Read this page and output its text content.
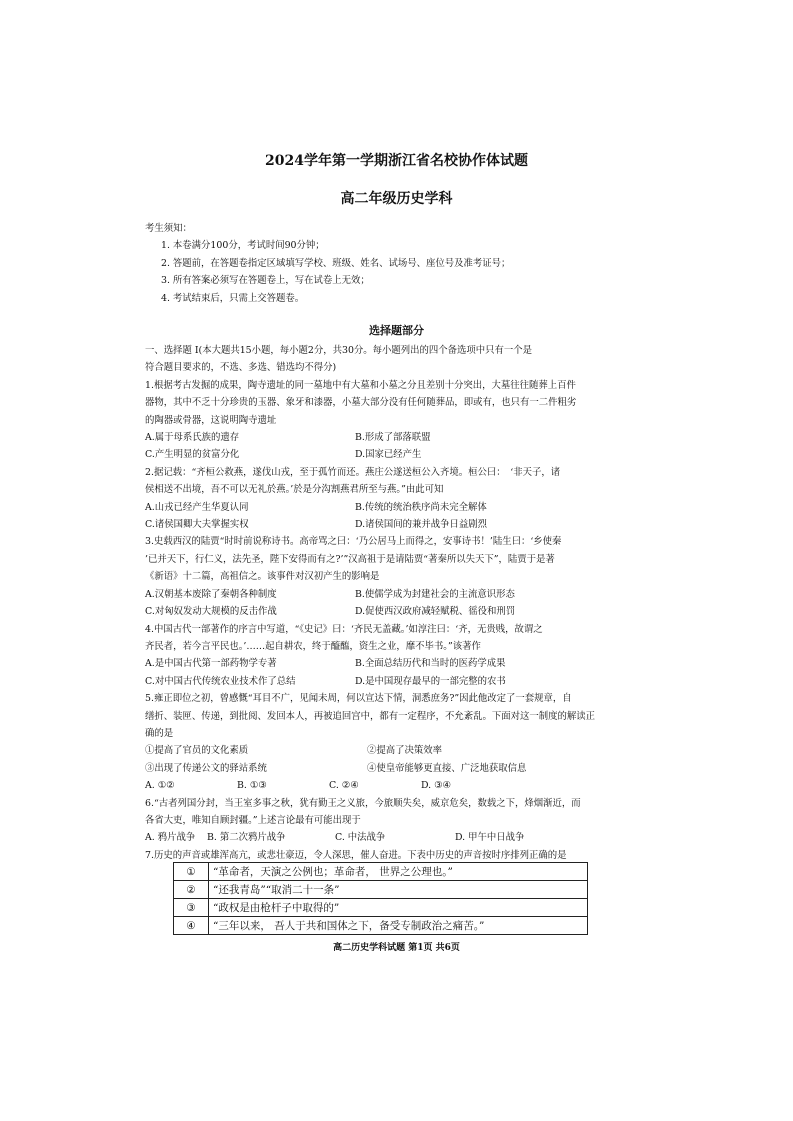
2024学年第一学期浙江省名校协作体试题
高二年级历史学科
考生须知：
1. 本卷满分100分，考试时间90分钟；
2. 答题前，在答题卷指定区域填写学校、班级、姓名、试场号、座位号及准考证号；
3. 所有答案必须写在答题卷上，写在试卷上无效；
4. 考试结束后，只需上交答题卷。
选择题部分
一、选择题 Ⅰ(本大题共15小题，每小题2分，共30分。每小题列出的四个备选项中只有一个是
符合题目要求的，不选、多选、错选均不得分)
1.根据考古发掘的成果，陶寺遗址的同一墓地中有大墓和小墓之分且差别十分突出，大墓往往随葬上百件
器物，其中不乏十分珍贵的玉器、象牙和漆器，小墓大部分没有任何随葬品，即或有，也只有一二件粗劣
的陶器或骨器，这说明陶寺遗址
A.属于母系氏族的遗存	B.形成了部落联盟
C.产生明显的贫富分化	D.国家已经产生
2.据记载：“齐桓公救燕，遂伐山戎，至于孤竹而还。燕庄公遂送桓公入齐境。桓公曰：　‘非天子，诸
侯相送不出境，吾不可以无礼於燕。’於是分沟割燕君所至与燕。”由此可知
A.山戎已经产生华夏认同	B.传统的统治秩序尚未完全解体
C.诸侯国卿大夫掌握实权	D.诸侯国间的兼并战争日益剧烈
3.史载西汉的陆贾“时时前说称诗书。高帝骂之曰：‘乃公居马上而得之，安事诗书！’陆生曰：‘乡使秦
’已并天下，行仁义，法先圣，陛下安得而有之?’”汉高祖于是请陆贾“著秦所以失天下”，陆贾于是著
《新语》十二篇，高祖信之。该事件对汉初产生的影响是
A.汉朝基本废除了秦朝各种制度	B.使儒学成为封建社会的主流意识形态
C.对匈奴发动大规模的反击作战	D.促使西汉政府减轻赋税、徭役和刑罚
4.中国古代一部著作的序言中写道，“《史记》曰：‘齐民无盖藏。’如淳注曰：‘齐，无贵贱，故谓之
齐民者，若今言平民也。’……起自耕农，终于醯醢，资生之业，靡不毕书。”该著作
A.是中国古代第一部药物学专著	B.全面总结历代和当时的医药学成果
C.对中国古代传统农业技术作了总结	D.是中国现存最早的一部完整的农书
5.雍正即位之初，曾感慨“耳目不广，见闻未周，何以宣达下情，洞悉庶务?”因此他改定了一套规章，自
缮折、装匣、传递，到批阅、发回本人，再被追回宫中，都有一定程序，不允紊乱。下面对这一制度的解读正
确的是
①提高了官员的文化素质	②提高了决策效率
③出现了传递公文的驿站系统	④使皇帝能够更直接、广泛地获取信息
A. ①②	B. ①③	C. ②④	D. ③④
6.“古者列国分封，当王室多事之秋，犹有勤王之义旅，今旅顺失矣，威京危矣，数载之下，烽烟渐近，而
各省大吏，唯知自顾封疆。”上述言论最有可能出现于
A. 鸦片战争	B. 第二次鸦片战争	C. 中法战争	D. 甲午中日战争
7.历史的声音或雄浑高亢，或悲壮豪迈，令人深思，催人奋进。下表中历史的声音按时序排列正确的是
①	“革命者，天演之公例也；革命者， 世界之公理也。”
②	“还我青岛”“取消二十一条”
③	“政权是由枪杆子中取得的”
④	“三年以来， 吾人于共和国体之下，备受专制政治之痛苦。”
高二历史学科试题 第1页 共6页
